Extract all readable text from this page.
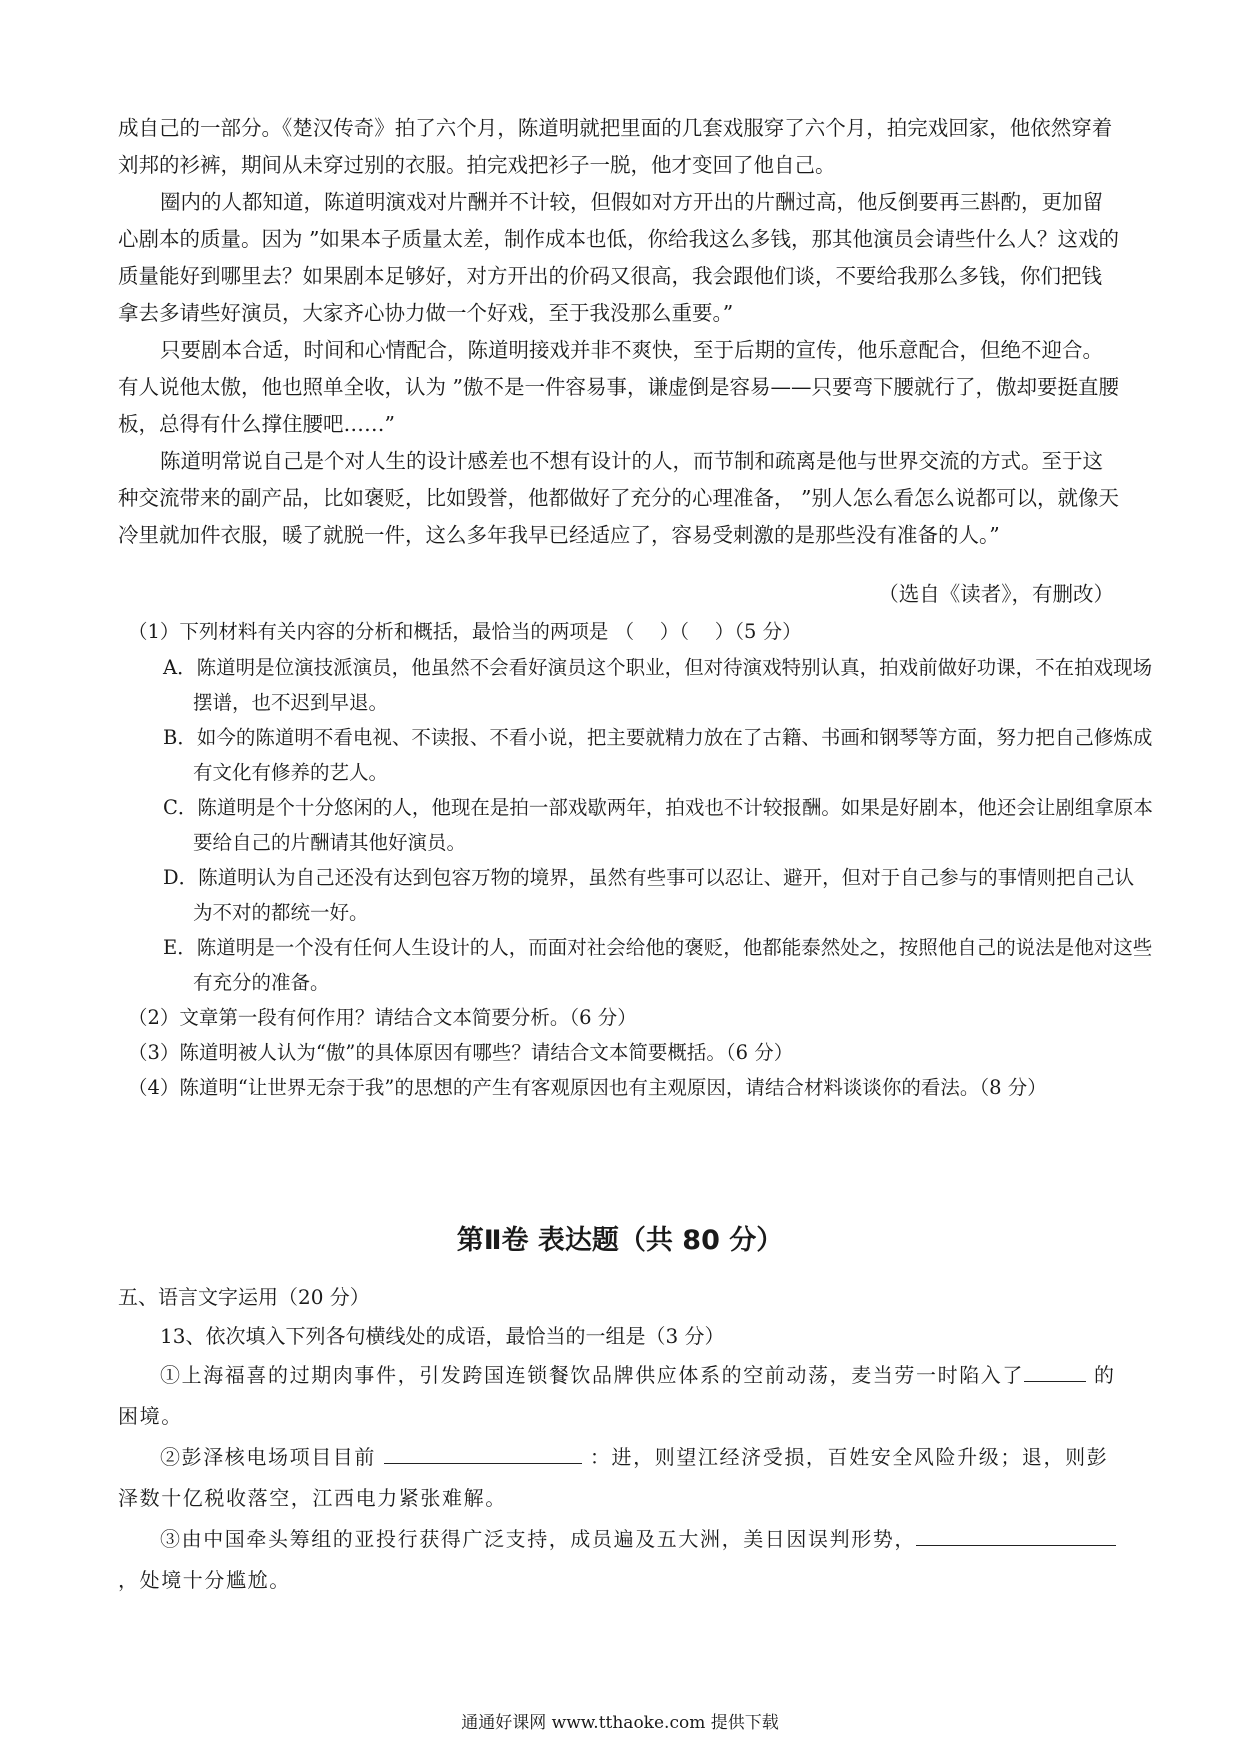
成自己的一部分。《楚汉传奇》拍了六个月，陈道明就把里面的几套戏服穿了六个月，拍完戏回家，他依然穿着刘邦的衫裤，期间从未穿过别的衣服。拍完戏把衫子一脱，他才变回了他自己。

圈内的人都知道，陈道明演戏对片酬并不计较，但假如对方开出的片酬过高，他反倒要再三斟酌，更加留心剧本的质量。因为 ”如果本子质量太差，制作成本也低，你给我这么多钱，那其他演员会请些什么人？这戏的质量能好到哪里去？如果剧本足够好，对方开出的价码又很高，我会跟他们谈，不要给我那么多钱，你们把钱拿去多请些好演员，大家齐心协力做一个好戏，至于我没那么重要。”

只要剧本合适，时间和心情配合，陈道明接戏并非不爽快，至于后期的宣传，他乐意配合，但绝不迎合。有人说他太傲，他也照单全收，认为 ”傲不是一件容易事，谦虚倒是容易——只要弯下腰就行了，傲却要挺直腰板，总得有什么撑住腰吧……”

陈道明常说自己是个对人生的设计感差也不想有设计的人，而节制和疏离是他与世界交流的方式。至于这种交流带来的副产品，比如褒贬，比如毁誉，他都做好了充分的心理准备， ”别人怎么看怎么说都可以，就像天冷里就加件衣服，暖了就脱一件，这么多年我早已经适应了，容易受刺激的是那些没有准备的人。”

（选自《读者》，有删改）

（1）下列材料有关内容的分析和概括，最恰当的两项是 （　 ）（　 ）（5 分）

A．陈道明是位演技派演员，他虽然不会看好演员这个职业，但对待演戏特别认真，拍戏前做好功课，不在拍戏现场摆谱，也不迟到早退。

B．如今的陈道明不看电视、不读报、不看小说，把主要就精力放在了古籍、书画和钢琴等方面，努力把自己修炼成有文化有修养的艺人。

C．陈道明是个十分悠闲的人，他现在是拍一部戏歇两年，拍戏也不计较报酬。如果是好剧本，他还会让剧组拿原本要给自己的片酬请其他好演员。

D．陈道明认为自己还没有达到包容万物的境界，虽然有些事可以忍让、避开，但对于自己参与的事情则把自己认为不对的都统一好。

E．陈道明是一个没有任何人生设计的人，而面对社会给他的褒贬，他都能泰然处之，按照他自己的说法是他对这些有充分的准备。

（2）文章第一段有何作用？请结合文本简要分析。（6 分）

（3）陈道明被人认为“傲”的具体原因有哪些？请结合文本简要概括。（6 分）

（4）陈道明“让世界无奈于我”的思想的产生有客观原因也有主观原因，请结合材料谈谈你的看法。（8 分）

第Ⅱ卷 表达题（共 80 分）
五、语言文字运用（20 分）
13、依次填入下列各句横线处的成语，最恰当的一组是（3 分）

①上海福喜的过期肉事件，引发跨国连锁餐饮品牌供应体系的空前动荡，麦当劳一时陷入了	的困境。

②彭泽核电场项目目前	：进，则望江经济受损，百姓安全风险升级；退，则彭泽数十亿税收落空，江西电力紧张难解。

③由中国牵头筹组的亚投行获得广泛支持，成员遍及五大洲，美日因误判形势，，处境十分尴尬。

通通好课网 www.tthaoke.com 提供下载
